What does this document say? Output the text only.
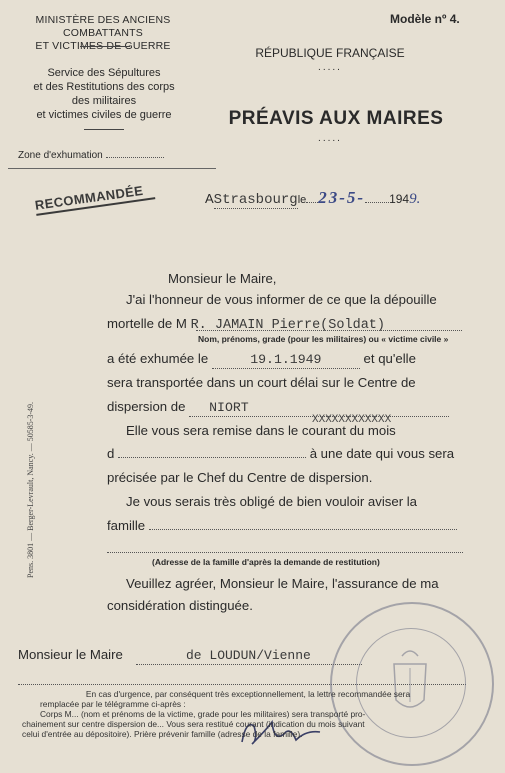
MINISTÈRE DES ANCIENS COMBATTANTS
ET VICTIMES DE GUERRE
Service des Sépultures
et des Restitutions des corps
des militaires
et victimes civiles de guerre
Zone d'exhumation
Modèle nº 4.
RÉPUBLIQUE FRANÇAISE
.....
PRÉAVIS AUX MAIRES
.....
RECOMMANDÉE	AStrasbourgle 23-5- 1949.
Monsieur le Maire,
J'ai l'honneur de vous informer de ce que la dépouille
mortelle de M R. JAMAIN Pierre(Soldat)
Nom, prénoms, grade (pour les militaires) ou « victime civile »
a été exhumée le	19.1.1949	et qu'elle
sera transportée dans un court délai sur le Centre de
dispersion de NIORT
Elle vous sera remise dans le courant du mois
XXXXXXXXXXXX
d	à une date qui vous sera
précisée par le Chef du Centre de dispersion.
Je vous serais très obligé de bien vouloir aviser la
famille
(Adresse de la famille d'après la demande de restitution)
Veuillez agréer, Monsieur le Maire, l'assurance de ma
considération distinguée.
Pens. 3801 — Berger-Levrault, Nancy. — 50585-3-49.
Monsieur le Maire	de LOUDUN/Vienne
En cas d'urgence, par conséquent très exceptionnellement, la lettre recommandée sera
remplacée par le télégramme ci-après :
Corps M... (nom et prénoms de la victime, grade pour les militaires) sera transporté pro-
chainement sur centre dispersion de... Vous sera restitué courant (indication du mois suivant
celui d'entrée au dépositoire). Prière prévenir famille (adresse de la famille).
